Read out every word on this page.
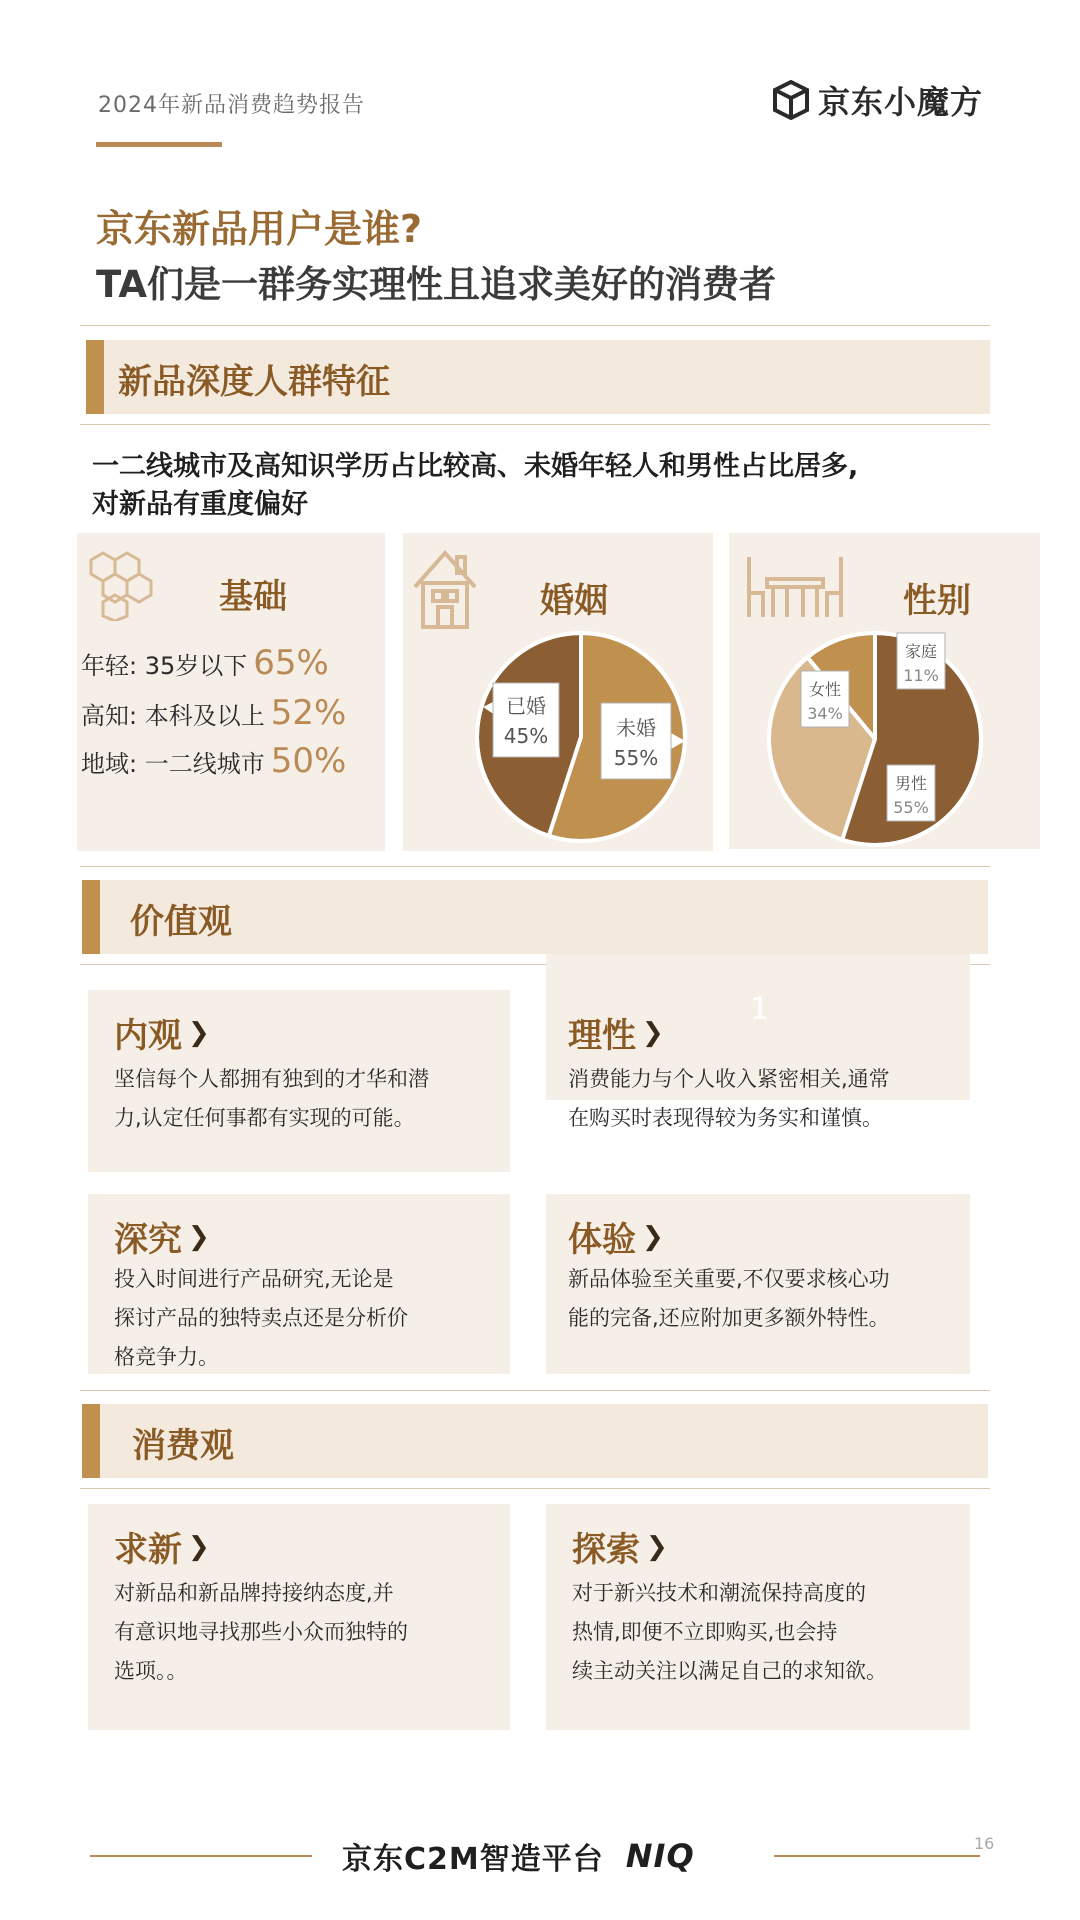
2024年新品消费趋势报告	京东小魔方
京东新品用户是谁?
TA们是一群务实理性且追求美好的消费者
新品深度人群特征
一二线城市及高知识学历占比较高、未婚年轻人和男性占比居多,
对新品有重度偏好
基础
年轻: 35岁以下 65%
高知: 本科及以上 52%
地域: 一二线城市 50%
婚姻
已婚
45%	未婚
55%
性别
家庭
11%
女性
34%
男性
55%
价值观
1
内观 ❯
坚信每个人都拥有独到的才华和潜
力,认定任何事都有实现的可能。
理性 ❯
消费能力与个人收入紧密相关,通常
在购买时表现得较为务实和谨慎。
深究 ❯
投入时间进行产品研究,无论是
探讨产品的独特卖点还是分析价
格竞争力。
体验 ❯
新品体验至关重要,不仅要求核心功
能的完备,还应附加更多额外特性。
消费观
求新 ❯
对新品和新品牌持接纳态度,并
有意识地寻找那些小众而独特的
选项。。
探索 ❯
对于新兴技术和潮流保持高度的
热情,即便不立即购买,也会持
续主动关注以满足自己的求知欲。
京东C2M智造平台 NIQ	16
